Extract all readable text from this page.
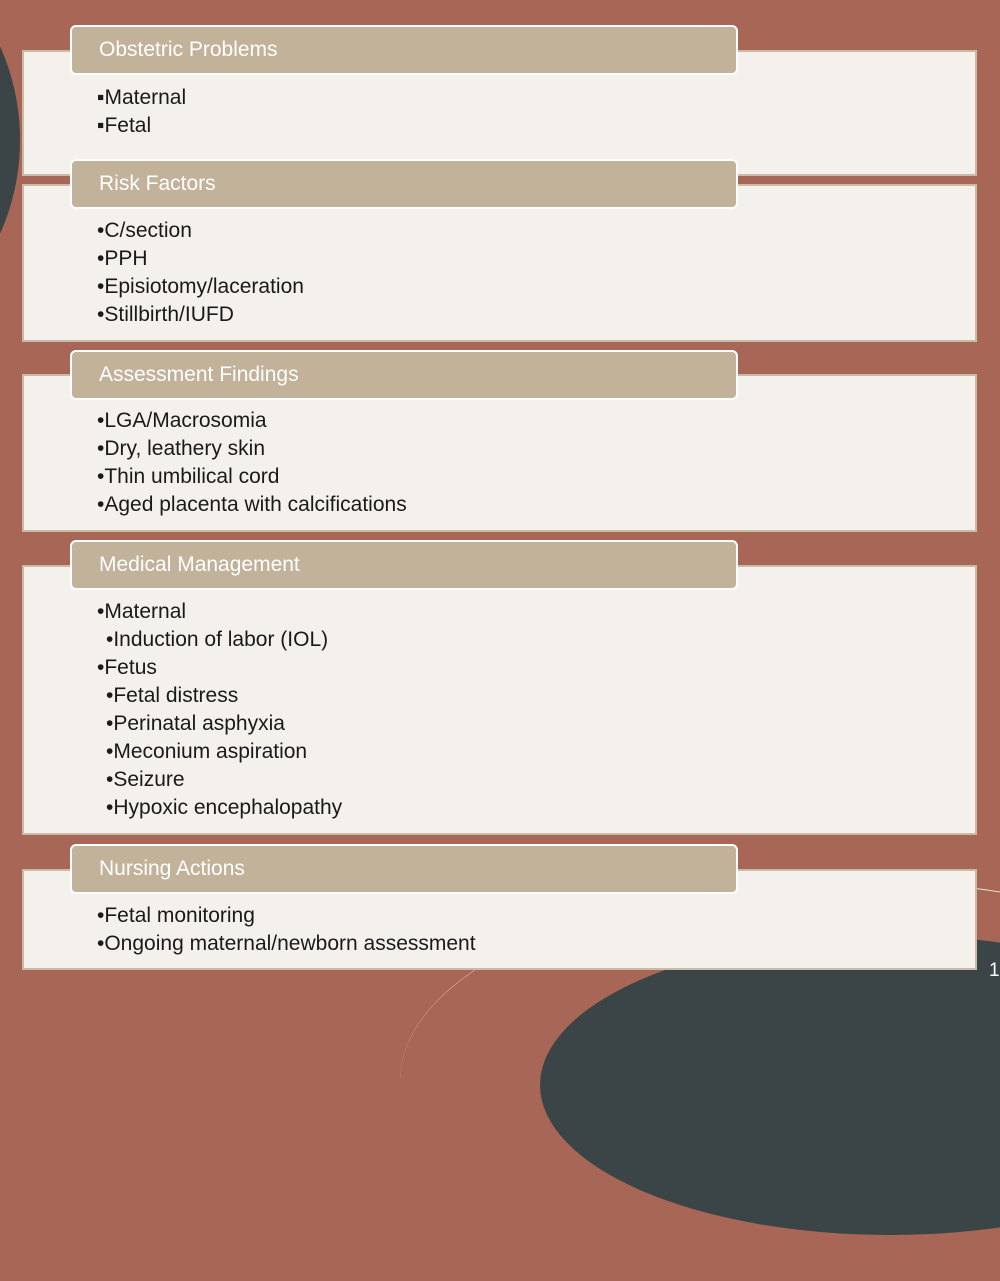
Obstetric Problems
▪Maternal
▪Fetal
Risk Factors
•C/section
•PPH
•Episiotomy/laceration
•Stillbirth/IUFD
Assessment Findings
•LGA/Macrosomia
•Dry, leathery skin
•Thin umbilical cord
•Aged placenta with calcifications
Medical Management
•Maternal
•Induction of labor (IOL)
•Fetus
•Fetal distress
•Perinatal asphyxia
•Meconium aspiration
•Seizure
•Hypoxic encephalopathy
Nursing Actions
•Fetal monitoring
•Ongoing maternal/newborn assessment
1
